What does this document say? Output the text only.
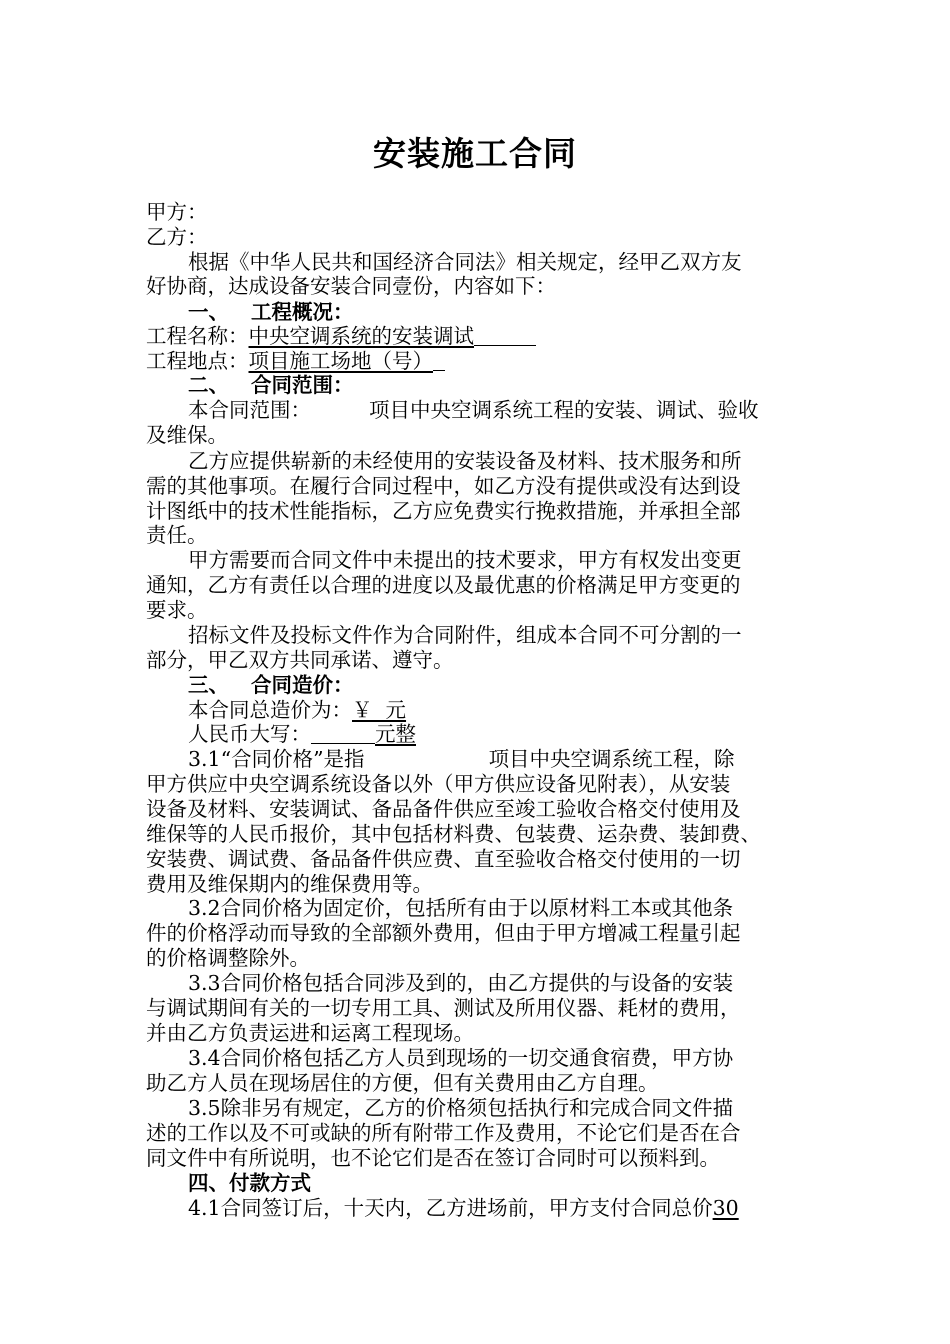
安装施工合同
甲方：
乙方：
根据《中华人民共和国经济合同法》相关规定，经甲乙双方友
好协商，达成设备安装合同壹份，内容如下：
一、 工程概况：
工程名称：中央空调系统的安装调试
工程地点：项目施工场地（号）
二、 合同范围：
本合同范围：	项目中央空调系统工程的安装、调试、验收
及维保。
乙方应提供崭新的未经使用的安装设备及材料、技术服务和所
需的其他事项。在履行合同过程中，如乙方没有提供或没有达到设
计图纸中的技术性能指标，乙方应免费实行挽救措施，并承担全部
责任。
甲方需要而合同文件中未提出的技术要求，甲方有权发出变更
通知，乙方有责任以合理的进度以及最优惠的价格满足甲方变更的
要求。
招标文件及投标文件作为合同附件，组成本合同不可分割的一
部分，甲乙双方共同承诺、遵守。
三、 合同造价：
本合同总造价为：￥  元
人民币大写：	元整
3.1“合同价格”是指	项目中央空调系统工程，除
甲方供应中央空调系统设备以外（甲方供应设备见附表），从安装
设备及材料、安装调试、备品备件供应至竣工验收合格交付使用及
维保等的人民币报价，其中包括材料费、包装费、运杂费、装卸费、
安装费、调试费、备品备件供应费、直至验收合格交付使用的一切
费用及维保期内的维保费用等。
3.2合同价格为固定价，包括所有由于以原材料工本或其他条
件的价格浮动而导致的全部额外费用，但由于甲方增减工程量引起
的价格调整除外。
3.3合同价格包括合同涉及到的，由乙方提供的与设备的安装
与调试期间有关的一切专用工具、测试及所用仪器、耗材的费用，
并由乙方负责运进和运离工程现场。
3.4合同价格包括乙方人员到现场的一切交通食宿费，甲方协
助乙方人员在现场居住的方便，但有关费用由乙方自理。
3.5除非另有规定，乙方的价格须包括执行和完成合同文件描
述的工作以及不可或缺的所有附带工作及费用，不论它们是否在合
同文件中有所说明，也不论它们是否在签订合同时可以预料到。
四、付款方式
4.1合同签订后，十天内，乙方进场前，甲方支付合同总价30
